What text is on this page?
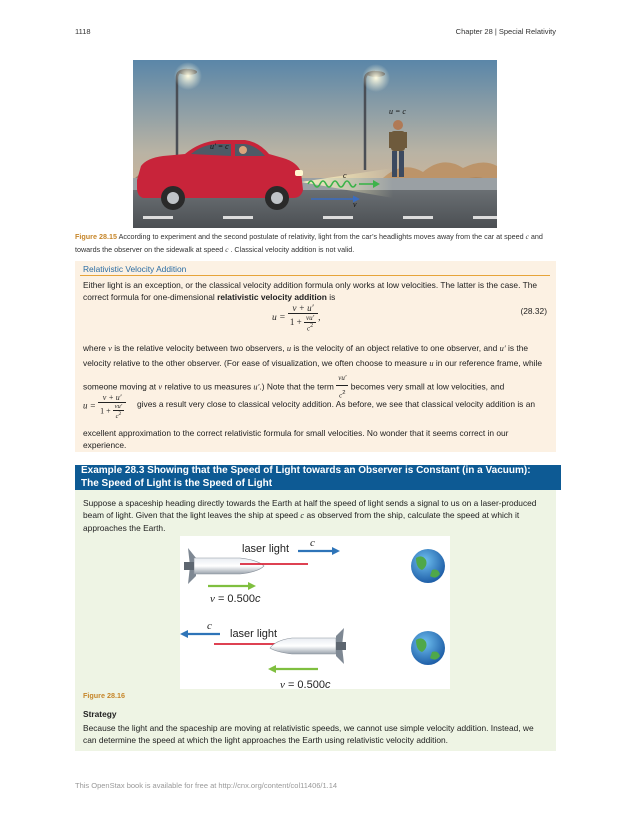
1118	Chapter 28 | Special Relativity
u′ = c
u = c
c
v
Figure 28.15 According to experiment and the second postulate of relativity, light from the car’s headlights moves away from the car at speed c and towards the observer on the sidewalk at speed c . Classical velocity addition is not valid.
Relativistic Velocity Addition
Either light is an exception, or the classical velocity addition formula only works at low velocities. The latter is the case. The correct formula for one-dimensional relativistic velocity addition is
$u = \frac{v + u'}{1 + \frac{vu'}{c^2}}$ ,
(28.32)
where v is the relative velocity between two observers, u is the velocity of an object relative to one observer, and u′ is the velocity relative to the other observer. (For ease of visualization, we often choose to measure u in our reference frame, while someone moving at v relative to us measures u′.) Note that the term $\frac{vu'}{c^2}$ becomes very small at low velocities, and
$u = \frac{v + u'}{1 + \frac{vu'}{c^2}}$ gives a result very close to classical velocity addition. As before, we see that classical velocity addition is an
excellent approximation to the correct relativistic formula for small velocities. No wonder that it seems correct in our experience.
Example 28.3 Showing that the Speed of Light towards an Observer is Constant (in a Vacuum):
The Speed of Light is the Speed of Light
Suppose a spaceship heading directly towards the Earth at half the speed of light sends a signal to us on a laser-produced beam of light. Given that the light leaves the ship at speed c as observed from the ship, calculate the speed at which it approaches the Earth.
laser light c
v = 0.500c
c
laser light
v = 0.500c
Figure 28.16
Strategy
Because the light and the spaceship are moving at relativistic speeds, we cannot use simple velocity addition. Instead, we can determine the speed at which the light approaches the Earth using relativistic velocity addition.
This OpenStax book is available for free at http://cnx.org/content/col11406/1.14
